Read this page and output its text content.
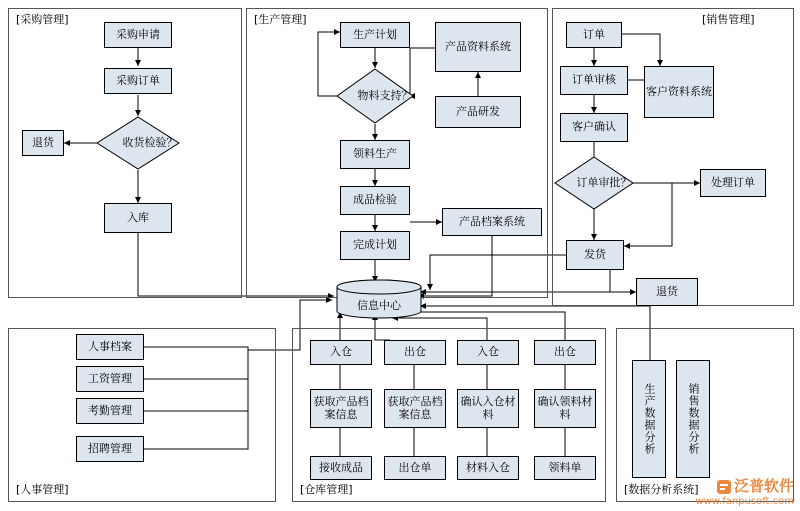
[采购管理]	[生产管理]	[销售管理]
[人事管理]	[仓库管理]	[数据分析系统]
采购申请
采购订单
收货检验？
退货
入库
生产计划
物料支持？
领料生产
成品检验
完成计划
产品资料系统
产品研发
产品档案系统
订单
订单审核
客户确认
客户资料系统
订单审批？	处理订单
发货
退货
信息中心
人事档案
工资管理
考勤管理
招聘管理
入仓
获取产品档案信息
接收成品
出仓
获取产品档案信息
出仓单
入仓
确认入仓材料
材料入仓
出仓
确认领料材料
领料单
生产数据分析	销售数据分析
泛普软件
www.fanpusoft.com
